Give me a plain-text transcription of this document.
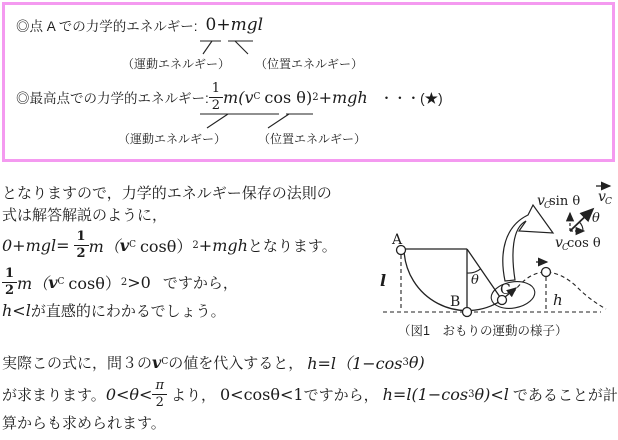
◎点 A での力学的エネルギー: 0+ mgl
（運動エネルギー） （位置エネルギー）
◎最高点での力学的エネルギー: $\frac{1}{2} m$( v C cos θ ) 2 +mgh ・・・(★)
（運動エネルギー）	（位置エネルギー）
となりますので，力学的エネルギー保存の法則の
式は解答解説のように，
$0+mgl= \frac{1}{2} m$（ v C cosθ） 2 +mgh となります。
$\frac{1}{2} m$（ v C cosθ） 2 >0 ですから，
h<l が直感的にわかるでしょう。
実際この式に，問３の v C の値を代入すると， h=l（1−cos 3 θ)
が求まります。 $0<\theta< \frac{\pi}{2}$ より， 0<cosθ<1 ですから， h=l(1−cos 3 θ)<l であることが計
算からも求められます。
A
B
C
l
h
θ
θ
v C
sin θ v C
v C
cos θ
（図1　おもりの運動の様子）
